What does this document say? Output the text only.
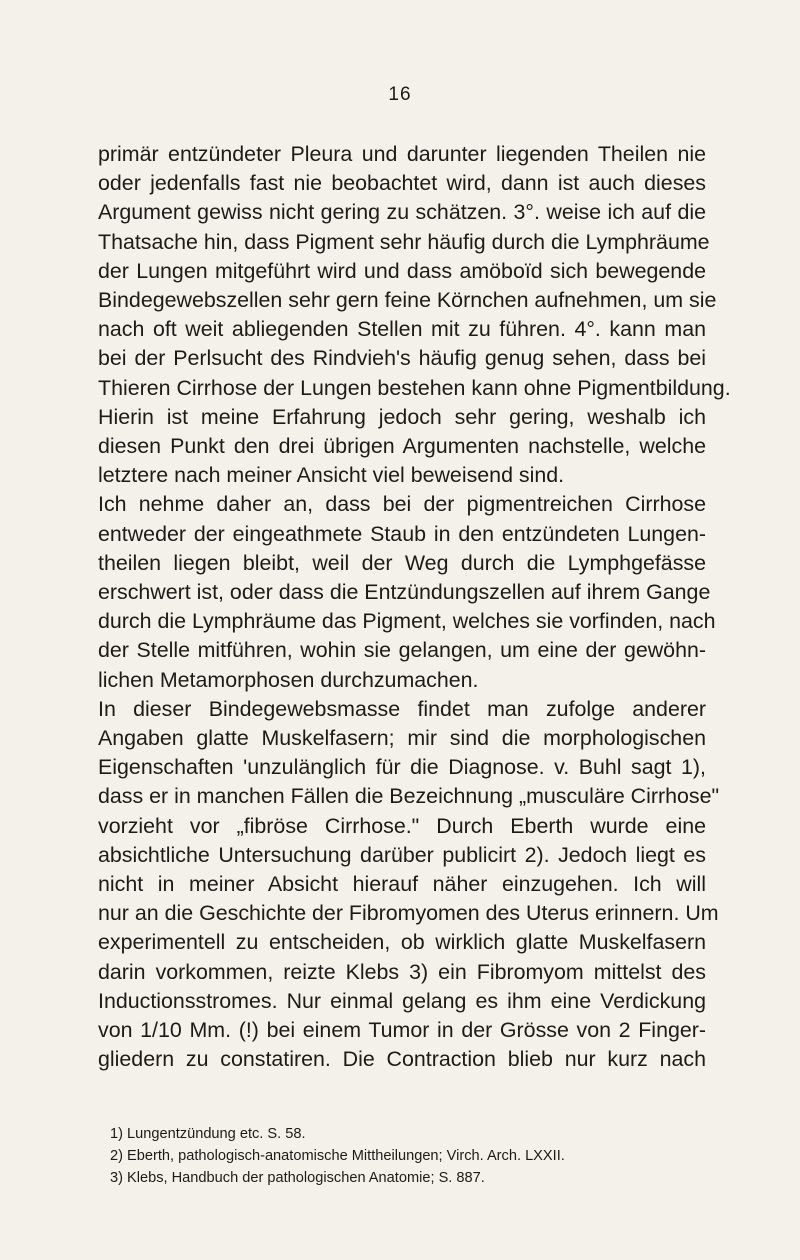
16
primär entzündeter Pleura und darunter liegenden Theilen nie
oder jedenfalls fast nie beobachtet wird, dann ist auch dieses
Argument gewiss nicht gering zu schätzen. 3°. weise ich auf die
Thatsache hin, dass Pigment sehr häufig durch die Lymphräume
der Lungen mitgeführt wird und dass amöboïd sich bewegende
Bindegewebszellen sehr gern feine Körnchen aufnehmen, um sie
nach oft weit abliegenden Stellen mit zu führen. 4°. kann man
bei der Perlsucht des Rindvieh's häufig genug sehen, dass bei
Thieren Cirrhose der Lungen bestehen kann ohne Pigmentbildung.
Hierin ist meine Erfahrung jedoch sehr gering, weshalb ich
diesen Punkt den drei übrigen Argumenten nachstelle, welche
letztere nach meiner Ansicht viel beweisend sind.
Ich nehme daher an, dass bei der pigmentreichen Cirrhose
entweder der eingeathmete Staub in den entzündeten Lungen-
theilen liegen bleibt, weil der Weg durch die Lymphgefässe
erschwert ist, oder dass die Entzündungszellen auf ihrem Gange
durch die Lymphräume das Pigment, welches sie vorfinden, nach
der Stelle mitführen, wohin sie gelangen, um eine der gewöhn-
lichen Metamorphosen durchzumachen.
In dieser Bindegewebsmasse findet man zufolge anderer
Angaben glatte Muskelfasern; mir sind die morphologischen
Eigenschaften 'unzulänglich für die Diagnose. v. Buhl sagt 1),
dass er in manchen Fällen die Bezeichnung „musculäre Cirrhose"
vorzieht vor „fibröse Cirrhose." Durch Eberth wurde eine
absichtliche Untersuchung darüber publicirt 2). Jedoch liegt es
nicht in meiner Absicht hierauf näher einzugehen. Ich will
nur an die Geschichte der Fibromyomen des Uterus erinnern. Um
experimentell zu entscheiden, ob wirklich glatte Muskelfasern
darin vorkommen, reizte Klebs 3) ein Fibromyom mittelst des
Inductionsstromes. Nur einmal gelang es ihm eine Verdickung
von 1/10 Mm. (!) bei einem Tumor in der Grösse von 2 Finger-
gliedern zu constatiren. Die Contraction blieb nur kurz nach
1) Lungentzündung etc. S. 58.
2) Eberth, pathologisch-anatomische Mittheilungen; Virch. Arch. LXXII.
3) Klebs, Handbuch der pathologischen Anatomie; S. 887.
